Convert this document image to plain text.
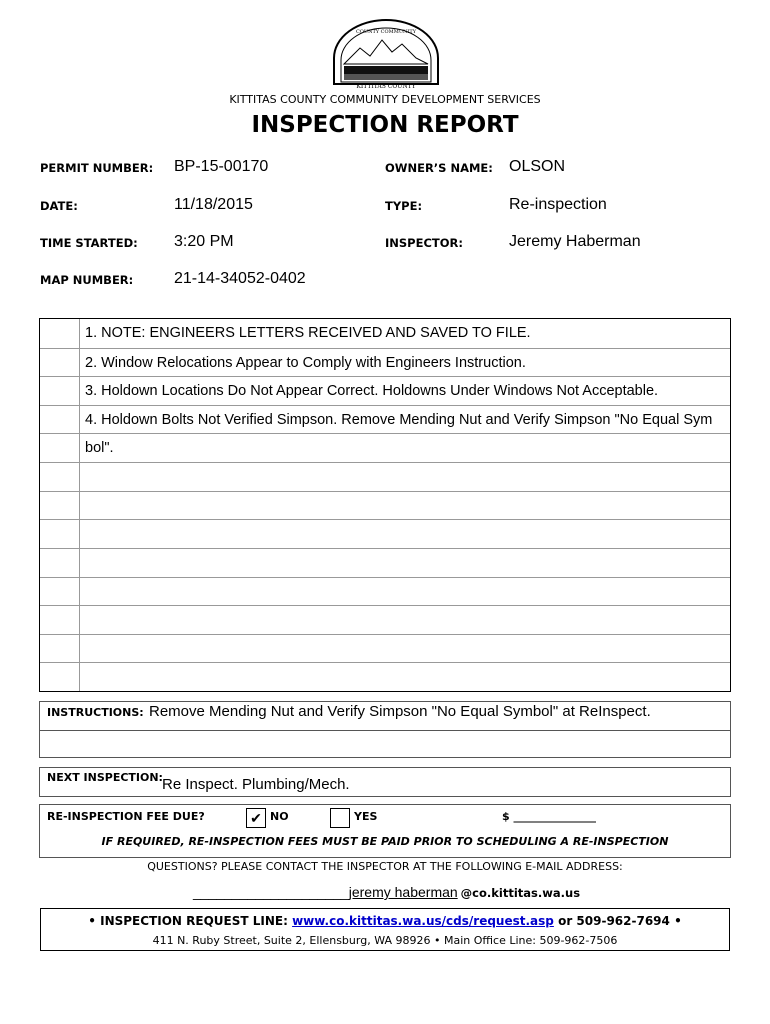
KITTITAS COUNTY
COUNTY COMMUNITY
KITTITAS COUNTY COMMUNITY DEVELOPMENT SERVICES
INSPECTION REPORT
PERMIT NUMBER: BP-15-00170	OWNER’S NAME: OLSON
DATE:	11/18/2015	TYPE:	Re-inspection
TIME STARTED: 3:20 PM	INSPECTOR:	Jeremy Haberman
MAP NUMBER:	21-14-34052-0402
1. NOTE: ENGINEERS LETTERS RECEIVED AND SAVED TO FILE.
2. Window Relocations Appear to Comply with Engineers Instruction.
3. Holdown Locations Do Not Appear Correct. Holdowns Under Windows Not Acceptable.
4. Holdown Bolts Not Verified Simpson. Remove Mending Nut and Verify Simpson "No Equal Sym
bol".
INSTRUCTIONS: Remove Mending Nut and Verify Simpson "No Equal Symbol" at ReInspect.
NEXT INSPECTION: Re Inspect. Plumbing/Mech.
RE-INSPECTION FEE DUE?	✔ NO	YES	$ _______________
IF REQUIRED, RE-INSPECTION FEES MUST BE PAID PRIOR TO SCHEDULING A RE-INSPECTION
QUESTIONS? PLEASE CONTACT THE INSPECTOR AT THE FOLLOWING E-MAIL ADDRESS:
____________________jeremy haberman @co.kittitas.wa.us
• INSPECTION REQUEST LINE: www.co.kittitas.wa.us/cds/request.asp or 509-962-7694 •
411 N. Ruby Street, Suite 2, Ellensburg, WA 98926 • Main Office Line: 509-962-7506
